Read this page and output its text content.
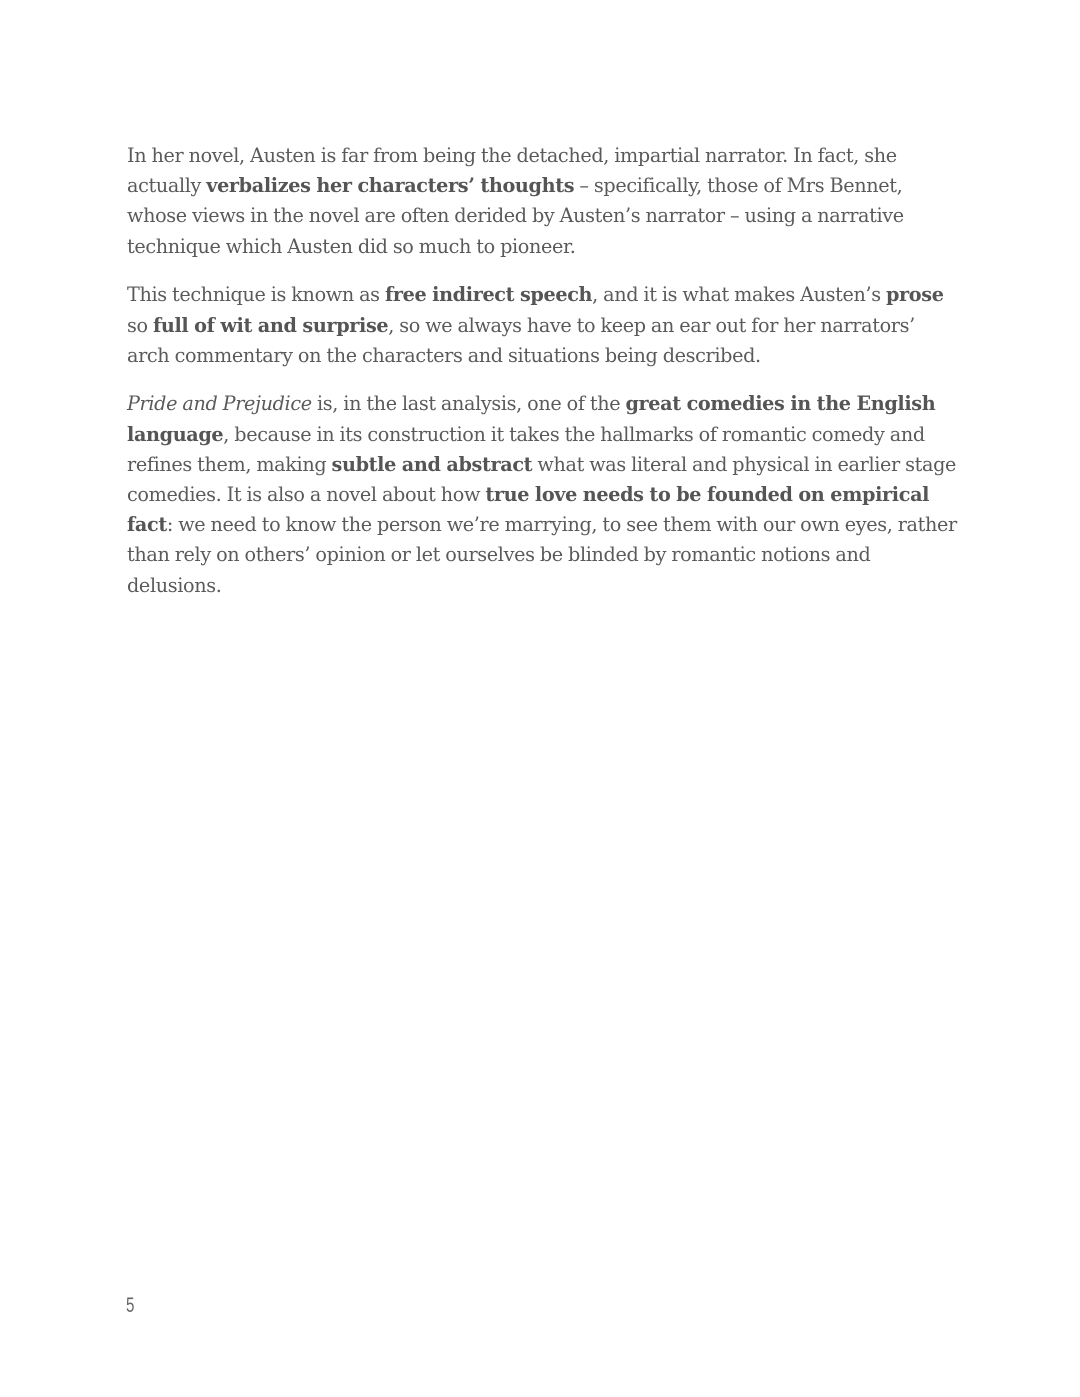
In her novel, Austen is far from being the detached, impartial narrator. In fact, she actually verbalizes her characters’ thoughts – specifically, those of Mrs Bennet, whose views in the novel are often derided by Austen’s narrator – using a narrative technique which Austen did so much to pioneer.

This technique is known as free indirect speech, and it is what makes Austen’s prose so full of wit and surprise, so we always have to keep an ear out for her narrators’ arch commentary on the characters and situations being described.

Pride and Prejudice is, in the last analysis, one of the great comedies in the English language, because in its construction it takes the hallmarks of romantic comedy and refines them, making subtle and abstract what was literal and physical in earlier stage comedies. It is also a novel about how true love needs to be founded on empirical fact: we need to know the person we’re marrying, to see them with our own eyes, rather than rely on others’ opinion or let ourselves be blinded by romantic notions and delusions.

5
